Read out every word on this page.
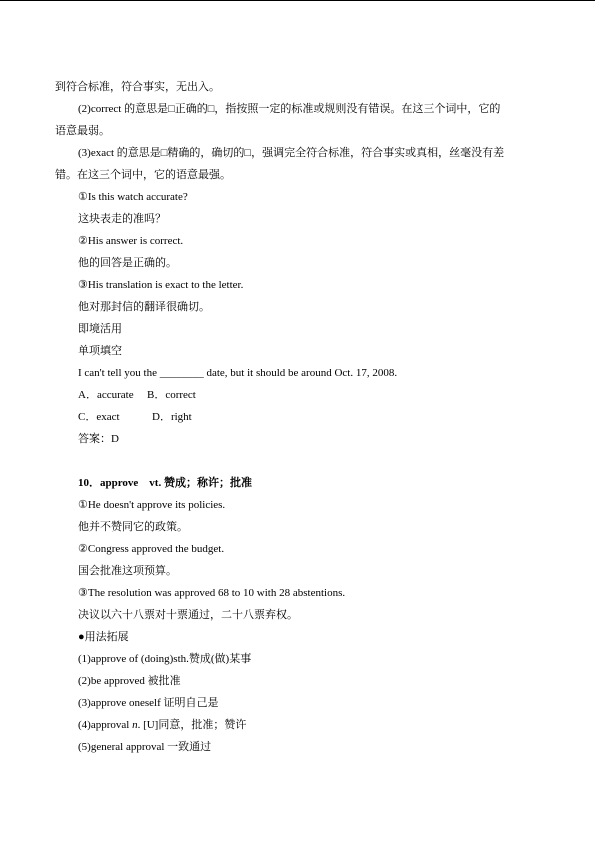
到符合标准，符合事实，无出入。
(2)correct 的意思是□正确的□，指按照一定的标准或规则没有错误。在这三个词中，它的
语意最弱。
(3)exact 的意思是□精确的，确切的□，强调完全符合标准，符合事实或真相，丝毫没有差
错。在这三个词中，它的语意最强。
①Is this watch accurate?
这块表走的准吗？
②His answer is correct.
他的回答是正确的。
③His translation is exact to the letter.
他对那封信的翻译很确切。
即境活用
单项填空
I can't tell you the ________ date, but it should be around Oct. 17, 2008.
A．accurate B．correct
C．exact	D．right
答案：D
10．approve　vt. 赞成；称许；批准
①He doesn't approve its policies.
他并不赞同它的政策。
②Congress approved the budget.
国会批准这项预算。
③The resolution was approved 68 to 10 with 28 abstentions.
决议以六十八票对十票通过，二十八票弃权。
●用法拓展
(1)approve of (doing)sth.赞成(做)某事
(2)be approved 被批准
(3)approve oneself 证明自己是
(4)approval n. [U]同意，批准；赞许
(5)general approval 一致通过
